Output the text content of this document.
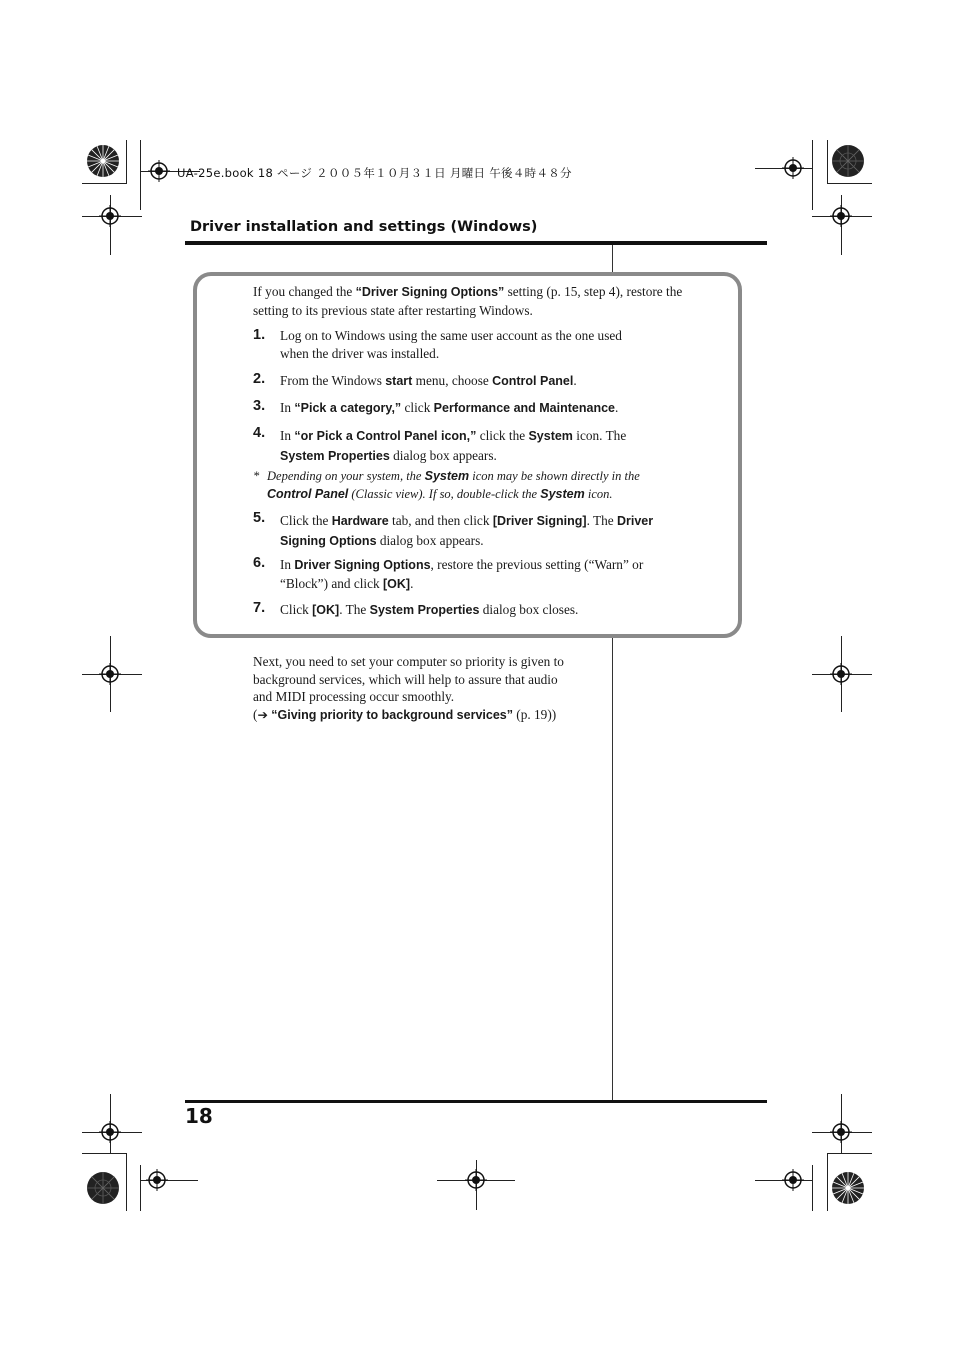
UA-25e.book 18 ページ ２００５年１０月３１日 月曜日 午後４時４８分
Driver installation and settings (Windows)
If you changed the “Driver Signing Options” setting (p. 15, step 4), restore the
setting to its previous state after restarting Windows.
1. Log on to Windows using the same user account as the one used
when the driver was installed.
2. From the Windows start menu, choose Control Panel.
3. In “Pick a category,” click Performance and Maintenance.
4. In “or Pick a Control Panel icon,” click the System icon. The
System Properties dialog box appears.
* Depending on your system, the System icon may be shown directly in the
Control Panel (Classic view). If so, double-click the System icon.
5. Click the Hardware tab, and then click [Driver Signing]. The Driver
Signing Options dialog box appears.
6. In Driver Signing Options, restore the previous setting (“Warn” or
“Block”) and click [OK].
7. Click [OK]. The System Properties dialog box closes.
Next, you need to set your computer so priority is given to
background services, which will help to assure that audio
and MIDI processing occur smoothly.
(➔ “Giving priority to background services” (p. 19))
18
